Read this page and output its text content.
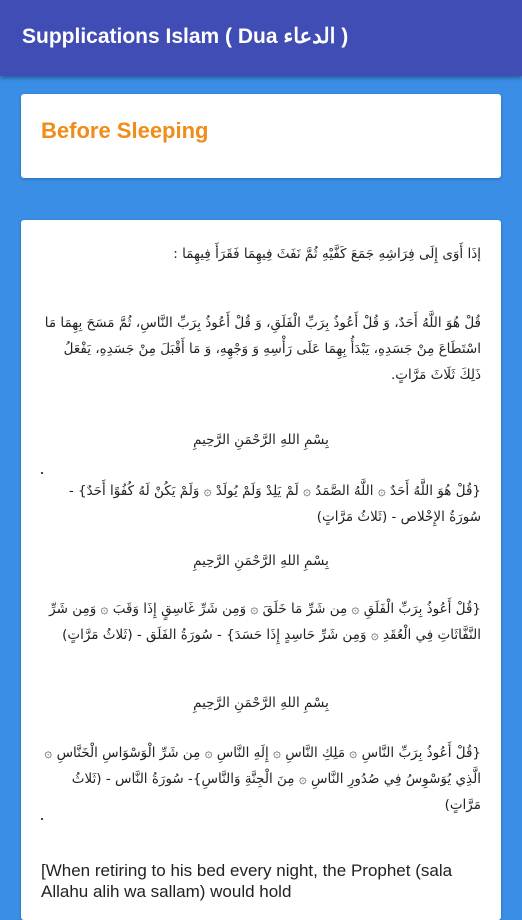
Supplications Islam ( Dua الدعاء )
Before Sleeping
إذَا أَوَى إِلَى فِرَاشِهِ جَمَعَ كَفَّيْهِ ثُمَّ نَفَثَ فِيهِمَا فَقَرَأَ فِيهِمَا :
قُلْ هُوَ اللَّهُ أَحَدٌ، وَ قُلْ أَعُوذُ بِرَبِّ الْفَلَقِ، وَ قُلْ أَعُوذُ بِرَبِّ النَّاسِ، ثُمَّ مَسَحَ بِهِمَا مَا اسْتَطَاعَ مِنْ جَسَدِهِ، يَبْدَأُ بِهِمَا عَلَى رَأْسِهِ وَ وَجْهِهِ، وَ مَا أَقْبَلَ مِنْ جَسَدِهِ، يَفْعَلُ ذَلِكَ ثَلَاثَ مَرَّاتٍ.
بِسْمِ اللهِ الرَّحْمَنِ الرَّحِيمِ
{قُلْ هُوَ اللَّهُ أَحَدٌ ۞ اللَّهُ الصَّمَدُ ۞ لَمْ يَلِدْ وَلَمْ يُولَدْ ۞ وَلَمْ يَكُنْ لَهُ كُفُوًا أَحَدٌ} - سُورَةُ الإِخْلاص - (ثَلاثُ مَرَّاتٍ)
بِسْمِ اللهِ الرَّحْمَنِ الرَّحِيمِ
{قُلْ أَعُوذُ بِرَبِّ الْفَلَقِ ۞ مِن شَرِّ مَا خَلَقَ ۞ وَمِن شَرِّ غَاسِقٍ إِذَا وَقَبَ ۞ وَمِن شَرِّ النَّفَّاثَاتِ فِي الْعُقَدِ ۞ وَمِن شَرِّ حَاسِدٍ إِذَا حَسَدَ} - سُورَةُ الفَلَق - (ثَلاثُ مَرَّاتٍ)
بِسْمِ اللهِ الرَّحْمَنِ الرَّحِيمِ
{قُلْ أَعُوذُ بِرَبِّ النَّاسِ ۞ مَلِكِ النَّاسِ ۞ إِلَهِ النَّاسِ ۞ مِن شَرِّ الْوَسْوَاسِ الْخَنَّاسِ ۞ الَّذِي يُوَسْوِسُ فِي صُدُورِ النَّاسِ ۞ مِنَ الْجِنَّةِ وَالنَّاسِ}- سُورَةُ النَّاس - (ثَلاثُ مَرَّاتٍ)
[When retiring to his bed every night, the Prophet (sala Allahu alih wa sallam) would hold
